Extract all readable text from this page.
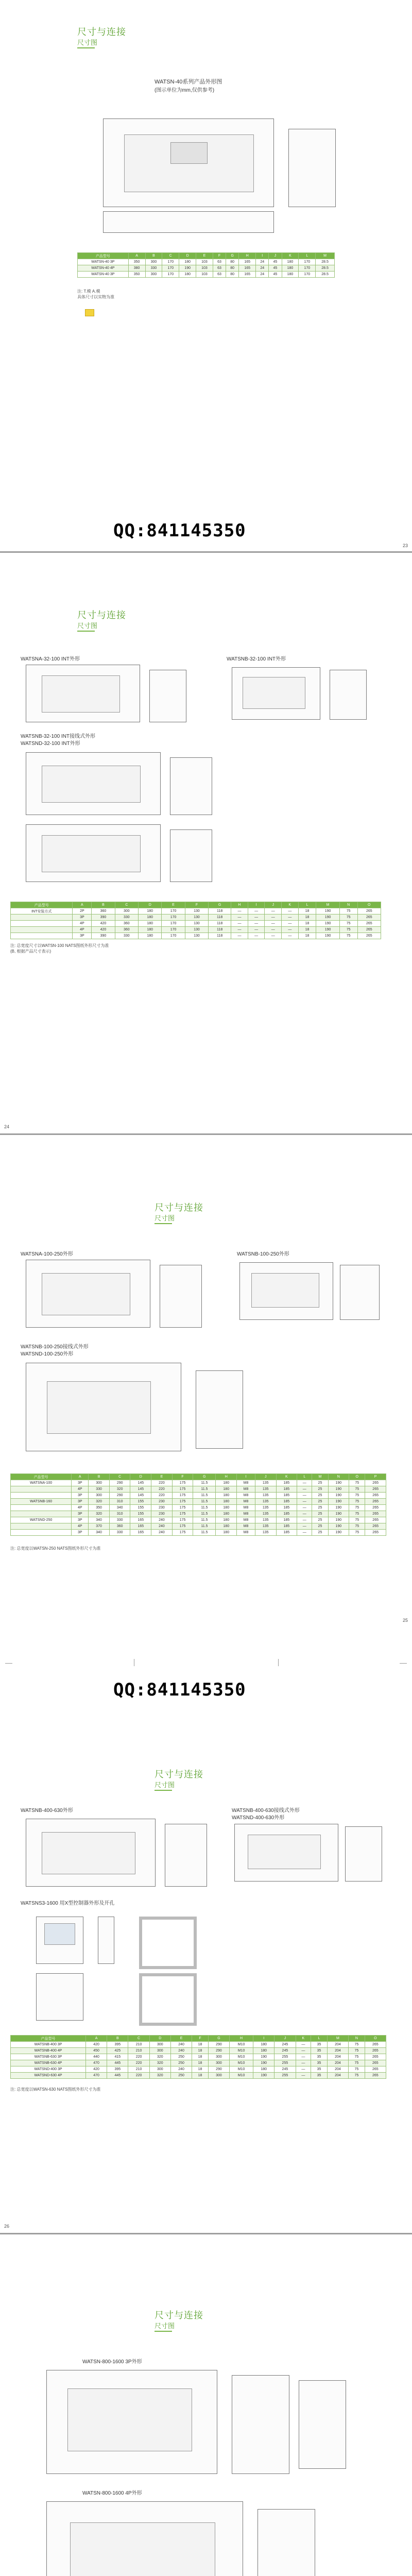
尺寸与连接
尺寸图
WATSN-40系列产品外形图
(图示单位为mm,仅供参考)
产品型号	A	B	C	D	E	F	G	H	I	J	K	L	M
WATSN-40 3P	350	300	170	180	103	63	80	165	24	45	180	170	28.5
WATSN-40 4P	380	330	170	190	103	63	80	165	24	45	180	170	28.5
WATSN-40 3P	350	300	170	180	103	63	80	165	24	45	180	170	28.5
注: T.模 A.模
具体尺寸以实物为准
QQ:841145350
23
尺寸与连接
尺寸图
WATSNA-32-100 INT外形	WATSNB-32-100 INT外形
WATSNB-32-100 INT接线式外形
WATSND-32-100 INT外形
产品型号	A	B	C	D	E	F	G	H	I	J	K	L	M	N	O
INT安装方式	2P	360	300	180	170	130	118	—	—	—	—	18	190	75	265
	3P	390	330	180	170	130	118	—	—	—	—	18	190	75	265
	4P	420	360	180	170	130	118	—	—	—	—	18	190	75	265
	4P	420	360	180	170	130	118	—	—	—	—	18	190	75	265
	3P	390	330	180	170	130	118	—	—	—	—	18	190	75	265
注: 总宽度尺寸以WATSN-100 NATS图纸外形尺寸为准
(B, 根据产品尺寸表示)
24
尺寸与连接
尺寸图
WATSNA-100-250外形	WATSNB-100-250外形
WATSNB-100-250接线式外形
WATSND-100-250外形
产品型号	A	B	C	D	E	F	G	H	I	J	K	L	M	N	O	P
WATSNA-100	3P	300	290	145	220	175	11.5	180	M8	135	185	—	25	190	75	265
	4P	330	320	145	220	175	11.5	180	M8	135	185	—	25	190	75	265
	3P	300	290	145	220	175	11.5	180	M8	135	185	—	25	190	75	265
WATSNB-160	3P	320	310	155	230	175	11.5	180	M8	135	185	—	25	190	75	265
	4P	350	340	155	230	175	11.5	180	M8	135	185	—	25	190	75	265
	3P	320	310	155	230	175	11.5	180	M8	135	185	—	25	190	75	265
WATSND-250	3P	340	330	165	240	175	11.5	180	M8	135	185	—	25	190	75	265
	4P	370	360	165	240	175	11.5	180	M8	135	185	—	25	190	75	265
	3P	340	330	165	240	175	11.5	180	M8	135	185	—	25	190	75	265
注: 总宽度以WATSN-250 NATS图纸外形尺寸为准
25
QQ:841145350
尺寸与连接
尺寸图
WATSNB-400-630外形	WATSNB-400-630接线式外形
WATSND-400-630外形
WATSNS3-1600 用X型控制器外形及开孔
产品型号	A	B	C	D	E	F	G	H	I	J	K	L	M	N	O
WATSNB-400 3P	420	395	210	300	240	18	290	M10	180	245	—	35	204	75	265
WATSNB-400 4P	450	425	210	300	240	18	290	M10	180	245	—	35	204	75	265
WATSNB-630 3P	440	415	220	320	250	18	300	M10	190	255	—	35	204	75	265
WATSNB-630 4P	470	445	220	320	250	18	300	M10	190	255	—	35	204	75	265
WATSND-400 3P	420	395	210	300	240	18	290	M10	180	245	—	35	204	75	265
WATSND-630 4P	470	445	220	320	250	18	300	M10	190	255	—	35	204	75	265
注: 总宽度以WATSN-630 NATS图纸外形尺寸为准
26
尺寸与连接
尺寸图
WATSN-800-1600 3P外形
WATSN-800-1600 4P外形
